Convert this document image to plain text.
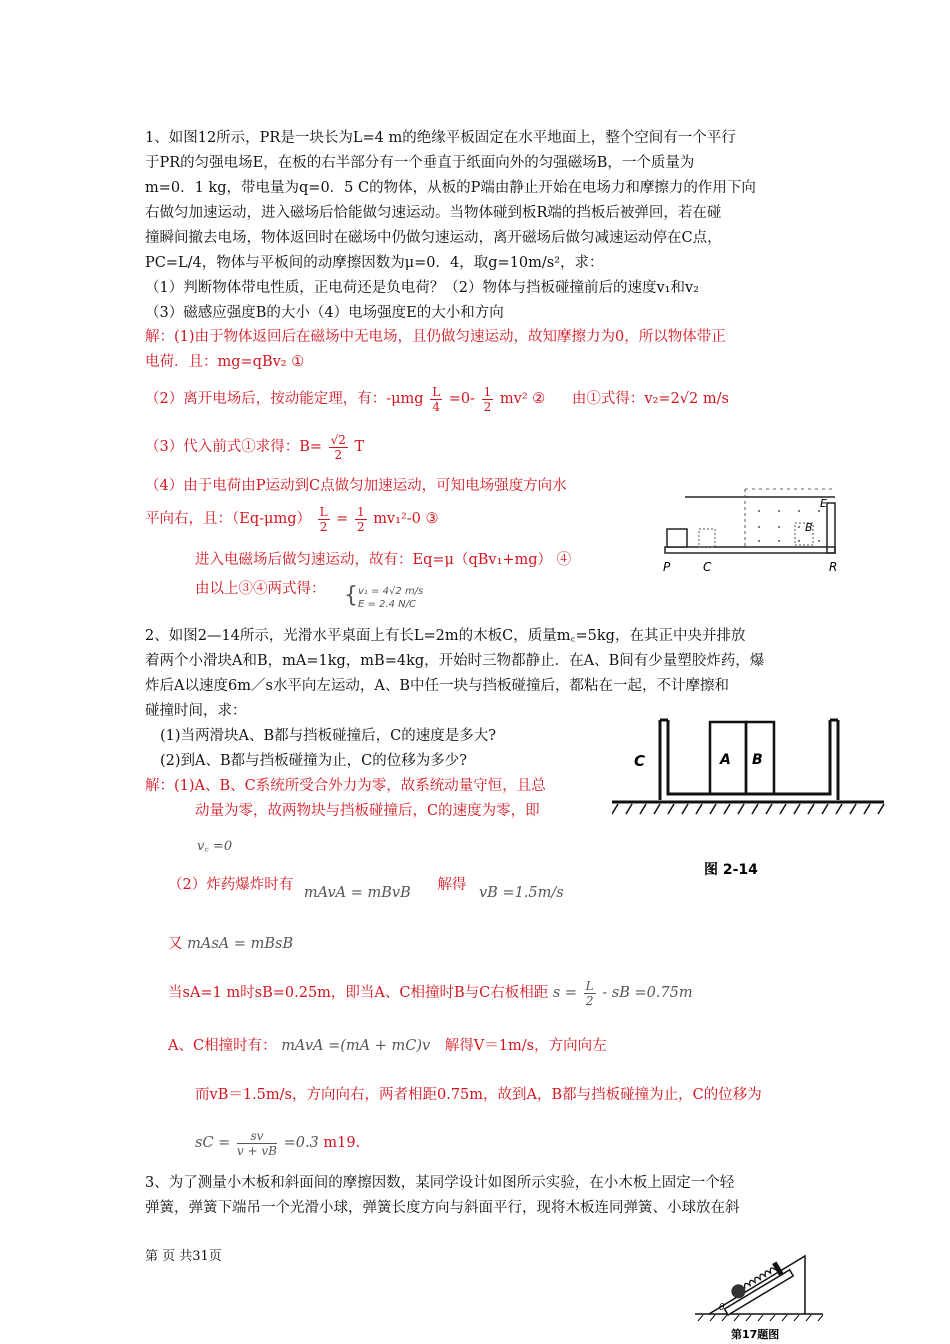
1、如图12所示，PR是一块长为L=4 m的绝缘平板固定在水平地面上，整个空间有一个平行
于PR的匀强电场E，在板的右半部分有一个垂直于纸面向外的匀强磁场B，一个质量为
m=0．1 kg，带电量为q=0．5 C的物体，从板的P端由静止开始在电场力和摩擦力的作用下向
右做匀加速运动，进入磁场后恰能做匀速运动。当物体碰到板R端的挡板后被弹回，若在碰
撞瞬间撤去电场，物体返回时在磁场中仍做匀速运动，离开磁场后做匀减速运动停在C点，
PC=L/4，物体与平板间的动摩擦因数为μ=0．4，取g=10m/s²，求：
（1）判断物体带电性质，正电荷还是负电荷？（2）物体与挡板碰撞前后的速度v₁和v₂
（3）磁感应强度B的大小（4）电场强度E的大小和方向
解：(1)由于物体返回后在磁场中无电场，且仍做匀速运动，故知摩擦力为0，所以物体带正
电荷．且：mg=qBv₂ ①
（2）离开电场后，按动能定理，有：$-\mu mg \frac{L}{4} =0- \frac{1}{2} mv^2$ ② 由①式得：v₂=2√2 m/s
（3）代入前式①求得：$B= \frac{√2}{2}$ T
（4）由于电荷由P运动到C点做匀加速运动，可知电场强度方向水
平向右，且：$(Eq-\mu mg) \frac{L}{2} = \frac{1}{2} mv_1^2-0$ ③
进入电磁场后做匀速运动，故有：Eq=μ（qBv₁+mg） ④
由以上③④两式得： { v₁ = 4√2 m/s
E = 2.4 N/C
P	C	R
E
B
2、如图2—14所示，光滑水平桌面上有长L=2m的木板C，质量m꜀=5kg，在其正中央并排放
着两个小滑块A和B，mA=1kg，mB=4kg，开始时三物都静止．在A、B间有少量塑胶炸药，爆
炸后A以速度6m／s水平向左运动，A、B中任一块与挡板碰撞后，都粘在一起，不计摩擦和
碰撞时间，求：
(1)当两滑块A、B都与挡板碰撞后，C的速度是多大?
(2)到A、B都与挡板碰撞为止，C的位移为多少?
解：(1)A、B、C系统所受合外力为零，故系统动量守恒，且总
动量为零，故两物块与挡板碰撞后，C的速度为零，即
v꜀ =0
（2）炸药爆炸时有 mAvA = mBvB 解得 vB =1.5m/s
又 mAsA = mBsB
当sA=1 m时sB=0.25m，即当A、C相撞时B与C右板相距 $s = \frac{L}{2}$ - sB =0.75m
A、C相撞时有： mAvA =(mA + mC)v 解得V＝1m/s，方向向左
而vB＝1.5m/s，方向向右，两者相距0.75m，故到A，B都与挡板碰撞为止，C的位移为
sC = $\frac{sv}{v + vB} =0.3$ m19.
C	A B
图 2-14
3、为了测量小木板和斜面间的摩擦因数，某同学设计如图所示实验，在小木板上固定一个轻
弹簧，弹簧下端吊一个光滑小球，弹簧长度方向与斜面平行，现将木板连同弹簧、小球放在斜
θ
第17题图
第 页 共31页
